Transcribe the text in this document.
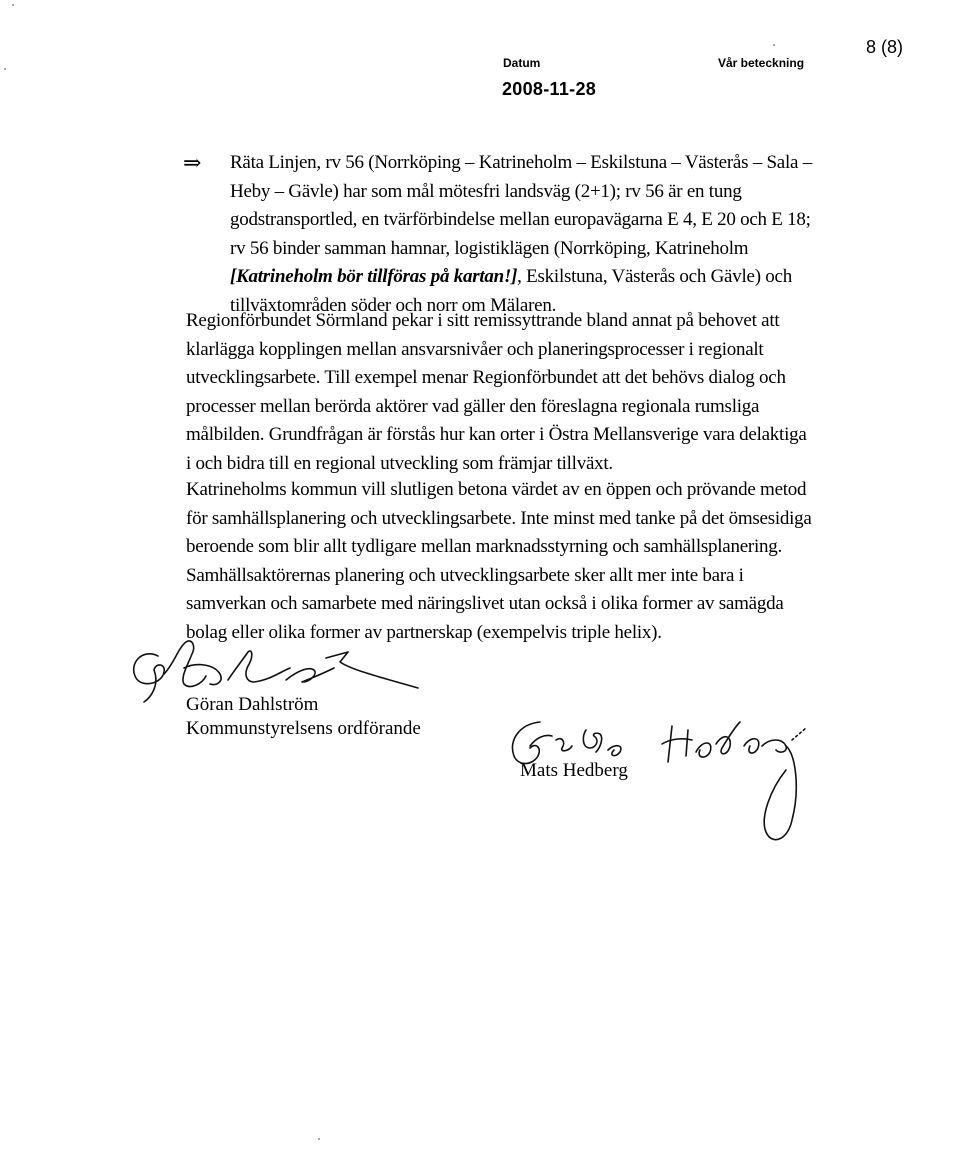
Datum	Vår beteckning
8 (8)
2008-11-28
⇒ Räta Linjen, rv 56 (Norrköping – Katrineholm – Eskilstuna – Västerås – Sala –
Heby – Gävle) har som mål mötesfri landsväg (2+1); rv 56 är en tung
godstransportled, en tvärförbindelse mellan europavägarna E 4, E 20 och E 18;
rv 56 binder samman hamnar, logistiklägen (Norrköping, Katrineholm
[Katrineholm bör tillföras på kartan!], Eskilstuna, Västerås och Gävle) och
tillväxtområden söder och norr om Mälaren.
Regionförbundet Sörmland pekar i sitt remissyttrande bland annat på behovet att
klarlägga kopplingen mellan ansvarsnivåer och planeringsprocesser i regionalt
utvecklingsarbete. Till exempel menar Regionförbundet att det behövs dialog och
processer mellan berörda aktörer vad gäller den föreslagna regionala rumsliga
målbilden. Grundfrågan är förstås hur kan orter i Östra Mellansverige vara delaktiga
i och bidra till en regional utveckling som främjar tillväxt.
Katrineholms kommun vill slutligen betona värdet av en öppen och prövande metod
för samhällsplanering och utvecklingsarbete. Inte minst med tanke på det ömsesidiga
beroende som blir allt tydligare mellan marknadsstyrning och samhällsplanering.
Samhällsaktörernas planering och utvecklingsarbete sker allt mer inte bara i
samverkan och samarbete med näringslivet utan också i olika former av samägda
bolag eller olika former av partnerskap (exempelvis triple helix).
Göran Dahlström
Kommunstyrelsens ordförande
Mats Hedberg
